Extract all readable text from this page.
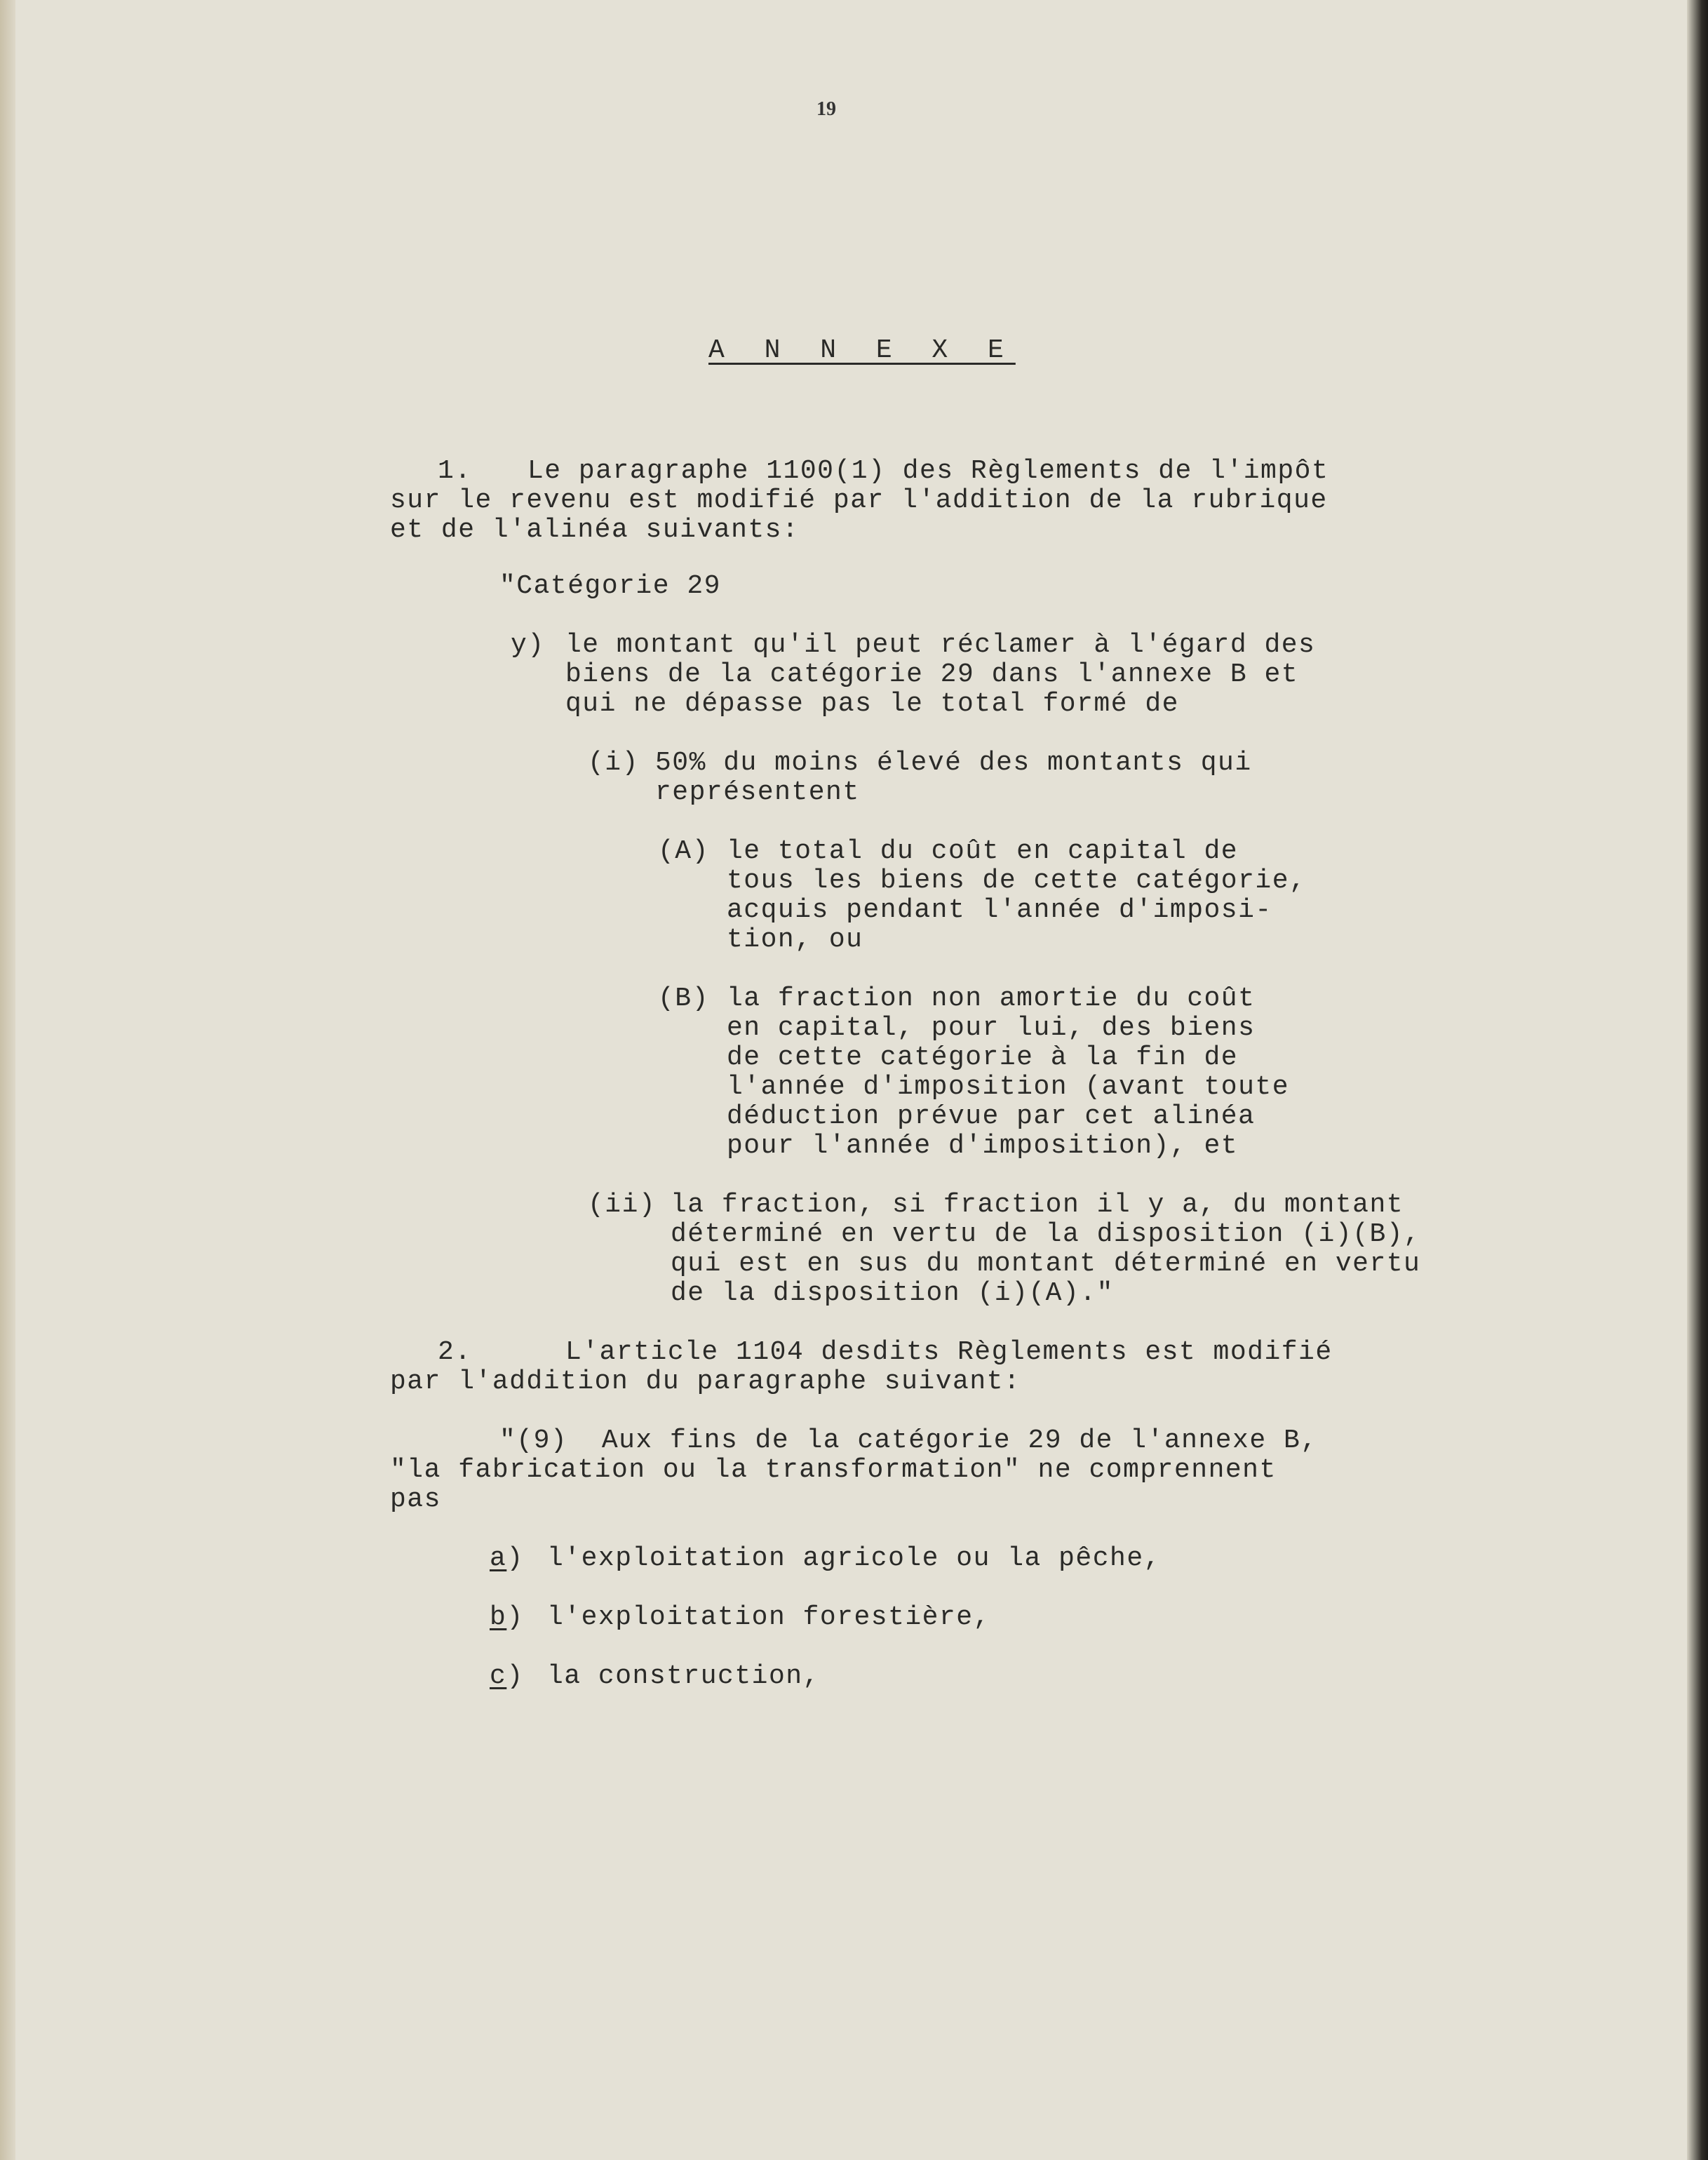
19
A N N E X E
1. Le paragraphe 1100(1) des Règlements de l'impôt
sur le revenu est modifié par l'addition de la rubrique
et de l'alinéa suivants:
"Catégorie 29
y) le montant qu'il peut réclamer à l'égard des
biens de la catégorie 29 dans l'annexe B et
qui ne dépasse pas le total formé de
(i) 50% du moins élevé des montants qui
représentent
(A) le total du coût en capital de
tous les biens de cette catégorie,
acquis pendant l'année d'imposi-
tion, ou
(B) la fraction non amortie du coût
en capital, pour lui, des biens
de cette catégorie à la fin de
l'année d'imposition (avant toute
déduction prévue par cet alinéa
pour l'année d'imposition), et
(ii) la fraction, si fraction il y a, du montant
déterminé en vertu de la disposition (i)(B),
qui est en sus du montant déterminé en vertu
de la disposition (i)(A)."
2.	L'article 1104 desdits Règlements est modifié
par l'addition du paragraphe suivant:
"(9)  Aux fins de la catégorie 29 de l'annexe B,
"la fabrication ou la transformation" ne comprennent
pas
a) l'exploitation agricole ou la pêche,
b) l'exploitation forestière,
c) la construction,
